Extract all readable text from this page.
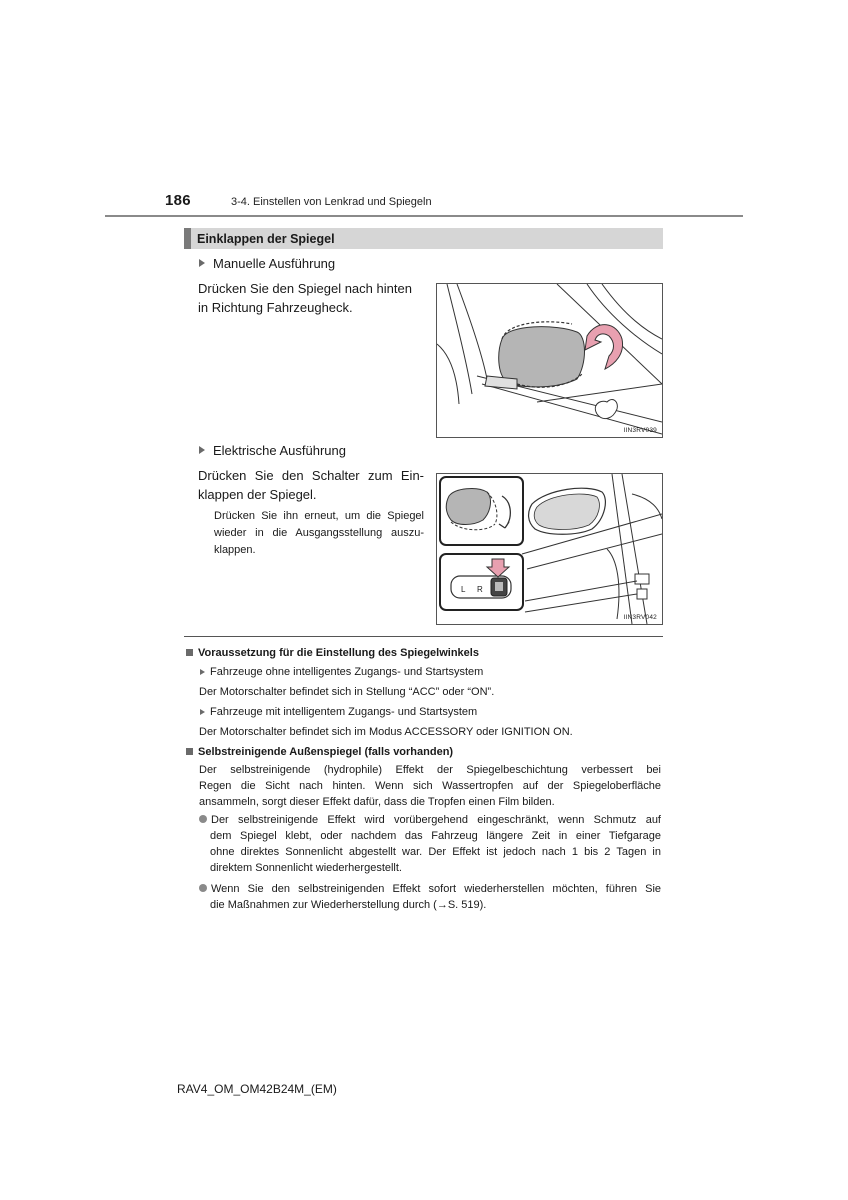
186	3-4. Einstellen von Lenkrad und Spiegeln
Einklappen der Spiegel
Manuelle Ausführung
Drücken Sie den Spiegel nach hinten
in Richtung Fahrzeugheck.
IIN3RV039
Elektrische Ausführung
Drücken Sie den Schalter zum Ein-
klappen der Spiegel.
Drücken Sie ihn erneut, um die Spiegel
wieder in die Ausgangsstellung auszu-
klappen.
L R
IIN3RV042
Voraussetzung für die Einstellung des Spiegelwinkels
Fahrzeuge ohne intelligentes Zugangs- und Startsystem
Der Motorschalter befindet sich in Stellung “ACC” oder “ON”.
Fahrzeuge mit intelligentem Zugangs- und Startsystem
Der Motorschalter befindet sich im Modus ACCESSORY oder IGNITION ON.
Selbstreinigende Außenspiegel (falls vorhanden)
Der selbstreinigende (hydrophile) Effekt der Spiegelbeschichtung verbessert bei
Regen die Sicht nach hinten. Wenn sich Wassertropfen auf der Spiegeloberfläche
ansammeln, sorgt dieser Effekt dafür, dass die Tropfen einen Film bilden.
Der selbstreinigende Effekt wird vorübergehend eingeschränkt, wenn Schmutz auf
dem Spiegel klebt, oder nachdem das Fahrzeug längere Zeit in einer Tiefgarage
ohne direktes Sonnenlicht abgestellt war. Der Effekt ist jedoch nach 1 bis 2 Tagen in
direktem Sonnenlicht wiederhergestellt.
Wenn Sie den selbstreinigenden Effekt sofort wiederherstellen möchten, führen Sie
die Maßnahmen zur Wiederherstellung durch (→S. 519).
RAV4_OM_OM42B24M_(EM)
